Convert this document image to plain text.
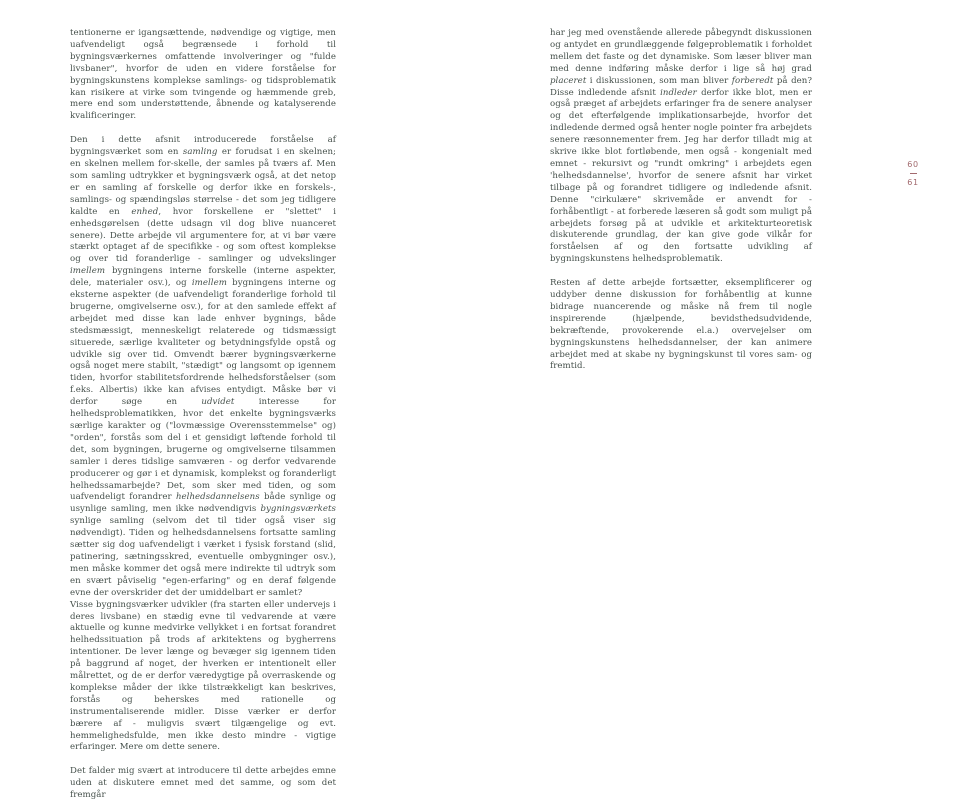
tentionerne er igangsættende, nødvendige og vigtige, men uafvendeligt også begrænsede i forhold til bygningsværkernes omfattende involveringer og "fulde livsbaner", hvorfor de uden en videre forståelse for bygningskunstens komplekse samlings- og tidsproblematik kan risikere at virke som tvingende og hæmmende greb, mere end som understøttende, åbnende og katalyserende kvalificeringer.

Den i dette afsnit introducerede forståelse af bygningsværket som en samling er forudsat i en skelnen; en skelnen mellem for-skelle, der samles på tværs af. Men som samling udtrykker et bygningsværk også, at det netop er en samling af forskelle og derfor ikke en forskels-, samlings- og spændingsløs størrelse - det som jeg tidligere kaldte en enhed, hvor forskellene er "slettet" i enhedsgørelsen (dette udsagn vil dog blive nuanceret senere). Dette arbejde vil argumentere for, at vi bør være stærkt optaget af de specifikke - og som oftest komplekse og over tid foranderlige - samlinger og udvekslinger imellem bygningens interne forskelle (interne aspekter, dele, materialer osv.), og imellem bygningens interne og eksterne aspekter (de uafvendeligt foranderlige forhold til brugerne, omgivelserne osv.), for at den samlede effekt af arbejdet med disse kan lade enhver bygnings, både stedsmæssigt, menneskeligt relaterede og tidsmæssigt situerede, særlige kvaliteter og betydningsfylde opstå og udvikle sig over tid. Omvendt bærer bygningsværkerne også noget mere stabilt, "stædigt" og langsomt op igennem tiden, hvorfor stabilitetsfordrende helhedsforståelser (som f.eks. Albertis) ikke kan afvises entydigt. Måske bør vi derfor søge en udvidet interesse for helhedsproblematikken, hvor det enkelte bygningsværks særlige karakter og ("lovmæssige Overensstemmelse" og) "orden", forstås som del i et gensidigt løftende forhold til det, som bygningen, brugerne og omgivelserne tilsammen samler i deres tidslige samværen - og derfor vedvarende producerer og gør i et dynamisk, komplekst og foranderligt helhedssamarbejde? Det, som sker med tiden, og som uafvendeligt forandrer helhedsdannelsens både synlige og usynlige samling, men ikke nødvendigvis bygningsværkets synlige samling (selvom det til tider også viser sig nødvendigt). Tiden og helhedsdannelsens fortsatte samling sætter sig dog uafvendeligt i værket i fysisk forstand (slid, patinering, sætningsskred, eventuelle ombygninger osv.), men måske kommer det også mere indirekte til udtryk som en svært påviselig "egen-erfaring" og en deraf følgende evne der overskrider det der umiddelbart er samlet?

Visse bygningsværker udvikler (fra starten eller undervejs i deres livsbane) en stædig evne til vedvarende at være aktuelle og kunne medvirke vellykket i en fortsat forandret helhedssituation på trods af arkitektens og bygherrens intentioner. De lever længe og bevæger sig igennem tiden på baggrund af noget, der hverken er intentionelt eller målrettet, og de er derfor væredygtige på overraskende og komplekse måder der ikke tilstrækkeligt kan beskrives, forstås og beherskes med rationelle og instrumentaliserende midler. Disse værker er derfor bærere af - muligvis svært tilgængelige og evt. hemmelighedsfulde, men ikke desto mindre - vigtige erfaringer. Mere om dette senere.

Det falder mig svært at introducere til dette arbejdes emne uden at diskutere emnet med det samme, og som det fremgår

har jeg med ovenstående allerede påbegyndt diskussionen og antydet en grundlæggende følgeproblematik i forholdet mellem det faste og det dynamiske. Som læser bliver man med denne indføring måske derfor i lige så høj grad placeret i diskussionen, som man bliver forberedt på den? Disse indledende afsnit indleder derfor ikke blot, men er også præget af arbejdets erfaringer fra de senere analyser og det efterfølgende implikationsarbejde, hvorfor det indledende dermed også henter nogle pointer fra arbejdets senere ræsonnementer frem. Jeg har derfor tilladt mig at skrive ikke blot fortløbende, men også - kongenialt med emnet - rekursivt og "rundt omkring" i arbejdets egen 'helhedsdannelse', hvorfor de senere afsnit har virket tilbage på og forandret tidligere og indledende afsnit. Denne "cirkulære" skrivemåde er anvendt for - forhåbentligt - at forberede læseren så godt som muligt på arbejdets forsøg på at udvikle et arkitekturteoretisk diskuterende grundlag, der kan give gode vilkår for forståelsen af og den fortsatte udvikling af bygningskunstens helhedsproblematik.

Resten af dette arbejde fortsætter, eksemplificerer og uddyber denne diskussion for forhåbentlig at kunne bidrage nuancerende og måske nå frem til nogle inspirerende (hjælpende, bevidsthedsudvidende, bekræftende, provokerende el.a.) overvejelser om bygningskunstens helhedsdannelser, der kan animere arbejdet med at skabe ny bygningskunst til vores sam- og fremtid.

60
61
